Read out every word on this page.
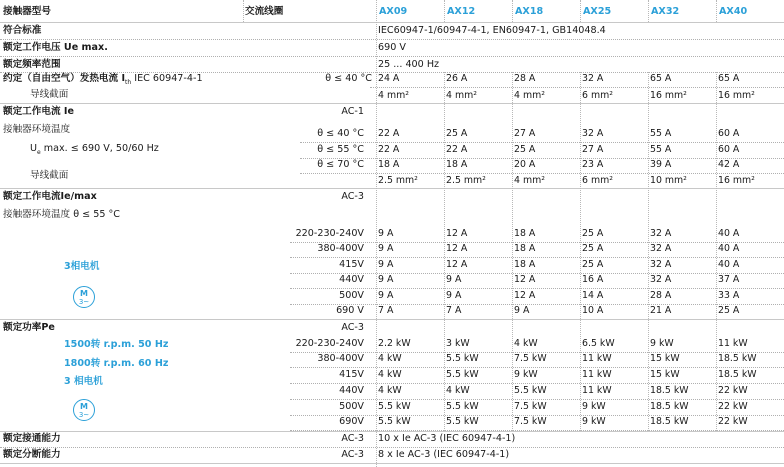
接触器型号	交流线圈	AX09	AX12	AX18	AX25	AX32	AX40
符合标准	IEC60947-1/60947-4-1, EN60947-1, GB14048.4
额定工作电压 Ue max.	690 V
额定频率范围	25 ... 400 Hz
约定（自由空气）发热电流 $I_{th}$ IEC 60947-4-1	θ ≤ 40 °C 24 A	26 A	28 A	32 A	65 A	65 A
导线截面	4 mm²	4 mm²	4 mm²	6 mm²	16 mm²	16 mm²
额定工作电流 Ie	AC-1
接触器环境温度
$U_e$ max. ≤ 690 V, 50/60 Hz
θ ≤ 40 °C 22 A	25 A	27 A	32 A	55 A	60 A
θ ≤ 55 °C 22 A	22 A	25 A	27 A	55 A	60 A
θ ≤ 70 °C 18 A	18 A	20 A	23 A	39 A	42 A
导线截面	2.5 mm²	2.5 mm²	4 mm²	6 mm²	10 mm²	16 mm²
额定工作电流Ie/max	AC-3
接触器环境温度 θ ≤ 55 °C
3相电机
M
3~
220-230-240V 9 A	12 A	18 A	25 A	32 A	40 A
380-400V 9 A	12 A	18 A	25 A	32 A	40 A
415V 9 A	12 A	18 A	25 A	32 A	40 A
440V 9 A	9 A	12 A	16 A	32 A	37 A
500V 9 A	9 A	12 A	14 A	28 A	33 A
690 V 7 A	7 A	9 A	10 A	21 A	25 A
额定功率Pe	AC-3
1500转 r.p.m. 50 Hz
1800转 r.p.m. 60 Hz
3 相电机
M
3~
220-230-240V 2.2 kW	3 kW	4 kW	6.5 kW	9 kW	11 kW
380-400V 4 kW	5.5 kW	7.5 kW	11 kW	15 kW	18.5 kW
415V 4 kW	5.5 kW	9 kW	11 kW	15 kW	18.5 kW
440V 4 kW	4 kW	5.5 kW	11 kW	18.5 kW	22 kW
500V 5.5 kW	5.5 kW	7.5 kW	9 kW	18.5 kW	22 kW
690V 5.5 kW	5.5 kW	7.5 kW	9 kW	18.5 kW	22 kW
额定接通能力	AC-3 10 x Ie AC-3 (IEC 60947-4-1)
额定分断能力	AC-3 8 x Ie AC-3 (IEC 60947-4-1)
